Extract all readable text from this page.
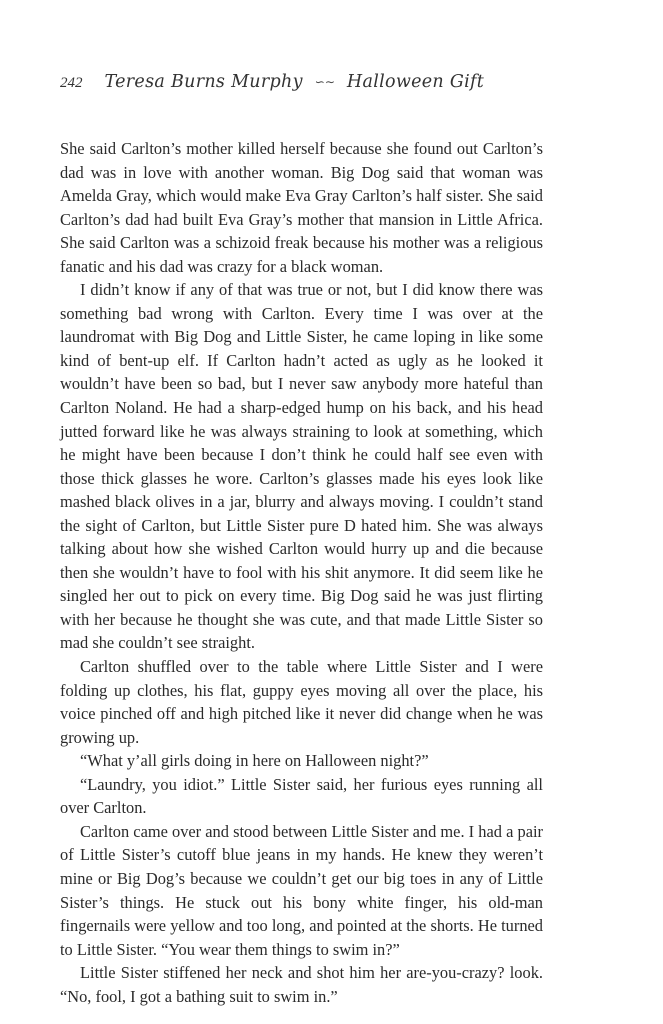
242 Teresa Burns Murphy ∽∼ Halloween Gift

She said Carlton’s mother killed herself because she found out Carlton’s dad was in love with another woman. Big Dog said that woman was Amelda Gray, which would make Eva Gray Carlton’s half sister. She said Carlton’s dad had built Eva Gray’s mother that mansion in Little Africa. She said Carlton was a schizoid freak because his mother was a religious fanatic and his dad was crazy for a black woman.

I didn’t know if any of that was true or not, but I did know there was something bad wrong with Carlton. Every time I was over at the laundromat with Big Dog and Little Sister, he came loping in like some kind of bent-up elf. If Carlton hadn’t acted as ugly as he looked it wouldn’t have been so bad, but I never saw anybody more hateful than Carlton Noland. He had a sharp-edged hump on his back, and his head jutted forward like he was always straining to look at something, which he might have been because I don’t think he could half see even with those thick glasses he wore. Carlton’s glasses made his eyes look like mashed black olives in a jar, blurry and always moving. I couldn’t stand the sight of Carlton, but Little Sister pure D hated him. She was always talking about how she wished Carlton would hurry up and die because then she wouldn’t have to fool with his shit anymore. It did seem like he singled her out to pick on every time. Big Dog said he was just flirting with her because he thought she was cute, and that made Little Sister so mad she couldn’t see straight.

Carlton shuffled over to the table where Little Sister and I were folding up clothes, his flat, guppy eyes moving all over the place, his voice pinched off and high pitched like it never did change when he was growing up.

“What y’all girls doing in here on Halloween night?”

“Laundry, you idiot.” Little Sister said, her furious eyes running all over Carlton.

Carlton came over and stood between Little Sister and me. I had a pair of Little Sister’s cutoff blue jeans in my hands. He knew they weren’t mine or Big Dog’s because we couldn’t get our big toes in any of Little Sister’s things. He stuck out his bony white finger, his old-man fingernails were yellow and too long, and pointed at the shorts. He turned to Little Sister. “You wear them things to swim in?”

Little Sister stiffened her neck and shot him her are-you-crazy? look. “No, fool, I got a bathing suit to swim in.”
